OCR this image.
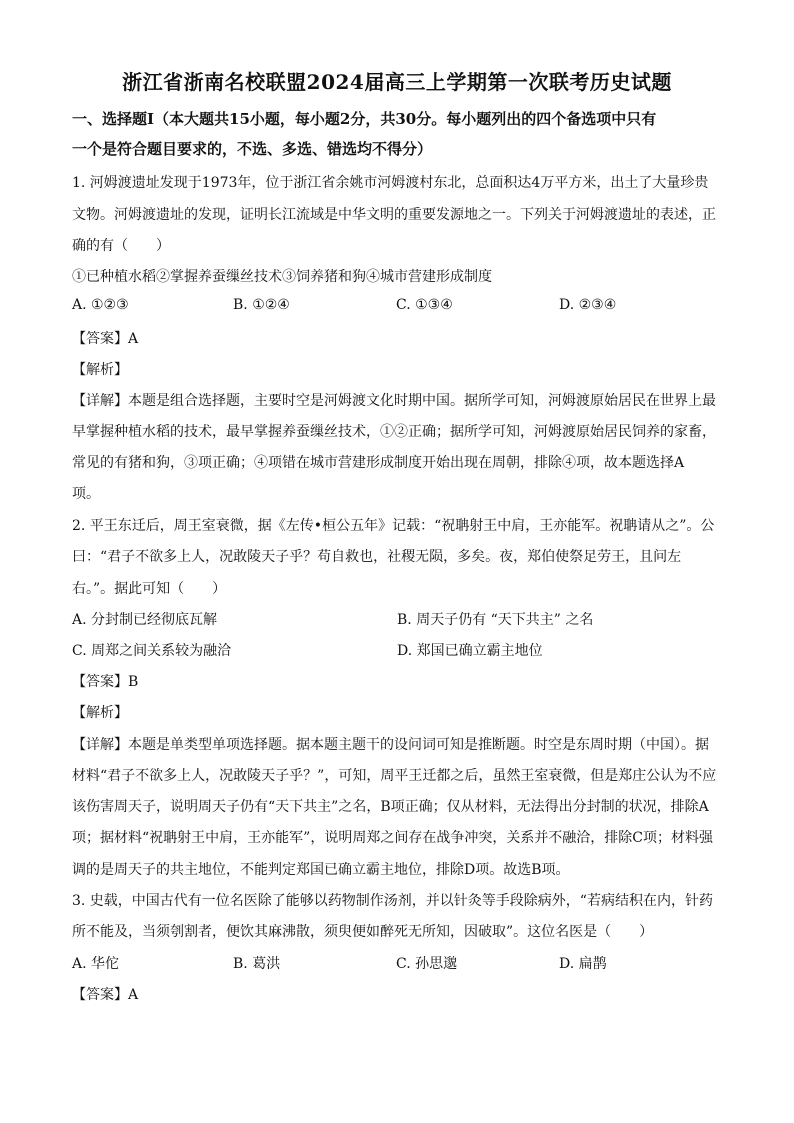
浙江省浙南名校联盟2024届高三上学期第一次联考历史试题
一、选择题Ⅰ（本大题共15小题，每小题2分，共30分。每小题列出的四个备选项中只有
一个是符合题目要求的，不选、多选、错选均不得分）
1. 河姆渡遗址发现于1973年，位于浙江省余姚市河姆渡村东北，总面积达4万平方米，出土了大量珍贵
文物。河姆渡遗址的发现，证明长江流域是中华文明的重要发源地之一。下列关于河姆渡遗址的表述，正
确的有（　　）
①已种植水稻②掌握养蚕缫丝技术③饲养猪和狗④城市营建形成制度
A. ①②③	B. ①②④	C. ①③④	D. ②③④
【答案】A
【解析】
【详解】本题是组合选择题，主要时空是河姆渡文化时期中国。据所学可知，河姆渡原始居民在世界上最
早掌握种植水稻的技术，最早掌握养蚕缫丝技术，①②正确；据所学可知，河姆渡原始居民饲养的家畜，
常见的有猪和狗，③项正确；④项错在城市营建形成制度开始出现在周朝，排除④项，故本题选择A
项。
2. 平王东迁后，周王室衰微，据《左传•桓公五年》记载：“祝聃射王中肩，王亦能军。祝聃请从之”。公
曰：“君子不欲多上人，况敢陵天子乎？苟自救也，社稷无陨，多矣。夜，郑伯使祭足劳王，且问左
右。”。据此可知（　　）
A. 分封制已经彻底瓦解	B. 周天子仍有 “天下共主” 之名
C. 周郑之间关系较为融洽	D. 郑国已确立霸主地位
【答案】B
【解析】
【详解】本题是单类型单项选择题。据本题主题干的设问词可知是推断题。时空是东周时期（中国）。据
材料“君子不欲多上人，况敢陵天子乎？”，可知，周平王迁都之后，虽然王室衰微，但是郑庄公认为不应
该伤害周天子，说明周天子仍有“天下共主”之名，B项正确；仅从材料，无法得出分封制的状况，排除A
项；据材料“祝聃射王中肩，王亦能军”，说明周郑之间存在战争冲突，关系并不融洽，排除C项；材料强
调的是周天子的共主地位，不能判定郑国已确立霸主地位，排除D项。故选B项。
3. 史载，中国古代有一位名医除了能够以药物制作汤剂，并以针灸等手段除病外，“若病结积在内，针药
所不能及，当须刳割者，便饮其麻沸散，须臾便如醉死无所知，因破取”。这位名医是（　　）
A. 华佗	B. 葛洪	C. 孙思邈	D. 扁鹊
【答案】A
